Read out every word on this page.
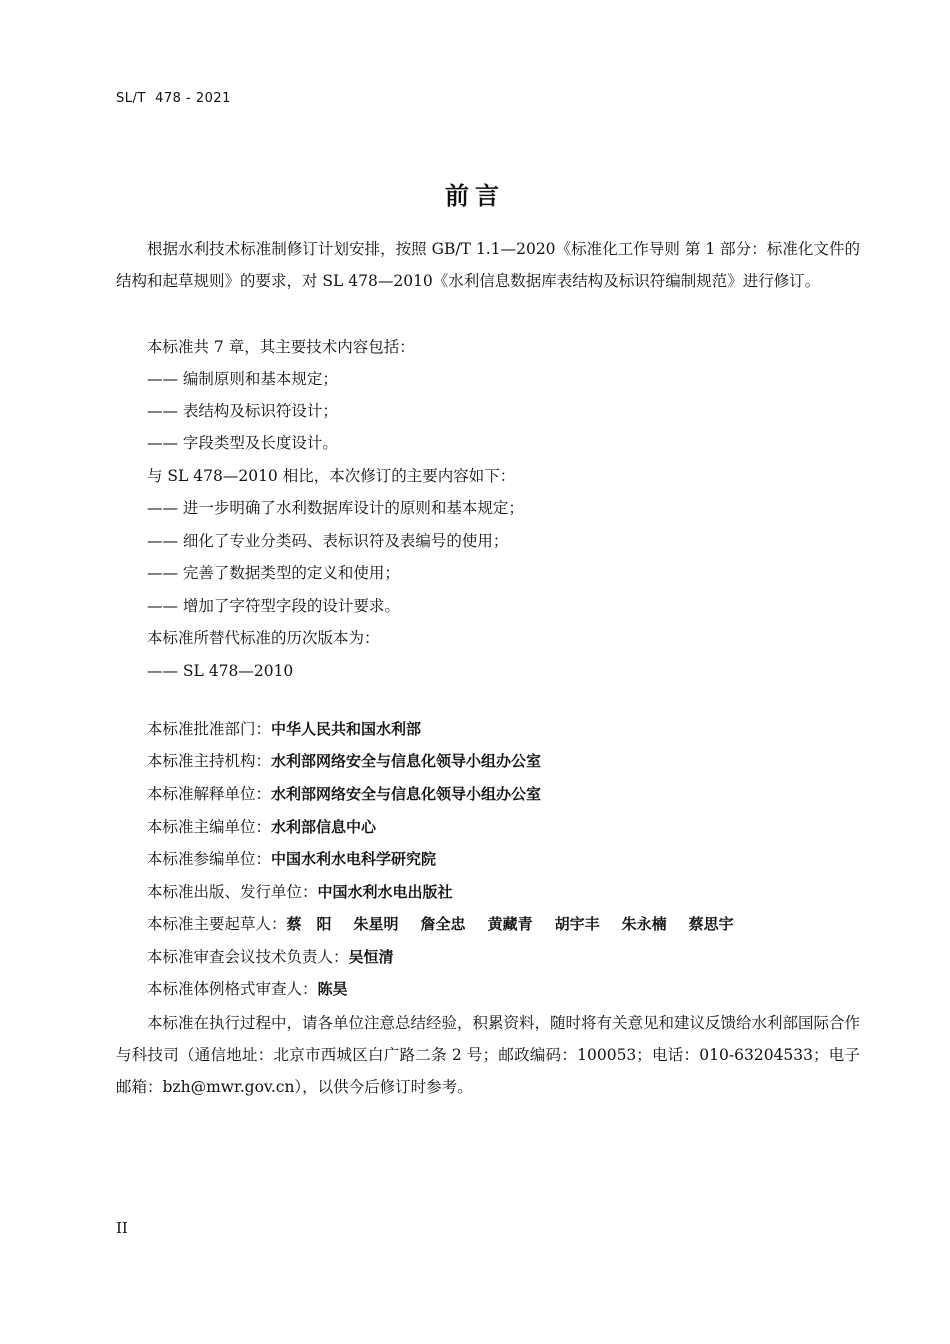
SL/T  478 - 2021
前言
根据水利技术标准制修订计划安排，按照 GB/T 1.1—2020《标准化工作导则 第 1 部分：标准化文件的结构和起草规则》的要求，对 SL 478—2010《水利信息数据库表结构及标识符编制规范》进行修订。
本标准共 7 章，其主要技术内容包括：
—— 编制原则和基本规定；
—— 表结构及标识符设计；
—— 字段类型及长度设计。
与 SL 478—2010 相比，本次修订的主要内容如下：
—— 进一步明确了水利数据库设计的原则和基本规定；
—— 细化了专业分类码、表标识符及表编号的使用；
—— 完善了数据类型的定义和使用；
—— 增加了字符型字段的设计要求。
本标准所替代标准的历次版本为：
—— SL 478—2010
本标准批准部门：中华人民共和国水利部
本标准主持机构：水利部网络安全与信息化领导小组办公室
本标准解释单位：水利部网络安全与信息化领导小组办公室
本标准主编单位：水利部信息中心
本标准参编单位：中国水利水电科学研究院
本标准出版、发行单位：中国水利水电出版社
本标准主要起草人：蔡　阳 朱星明 詹全忠 黄藏青 胡宇丰 朱永楠 蔡思宇
本标准审查会议技术负责人：吴恒清
本标准体例格式审查人：陈昊
本标准在执行过程中，请各单位注意总结经验，积累资料，随时将有关意见和建议反馈给水利部国际合作与科技司（通信地址：北京市西城区白广路二条 2 号；邮政编码：100053；电话：010-63204533；电子邮箱：bzh@mwr.gov.cn），以供今后修订时参考。
II
